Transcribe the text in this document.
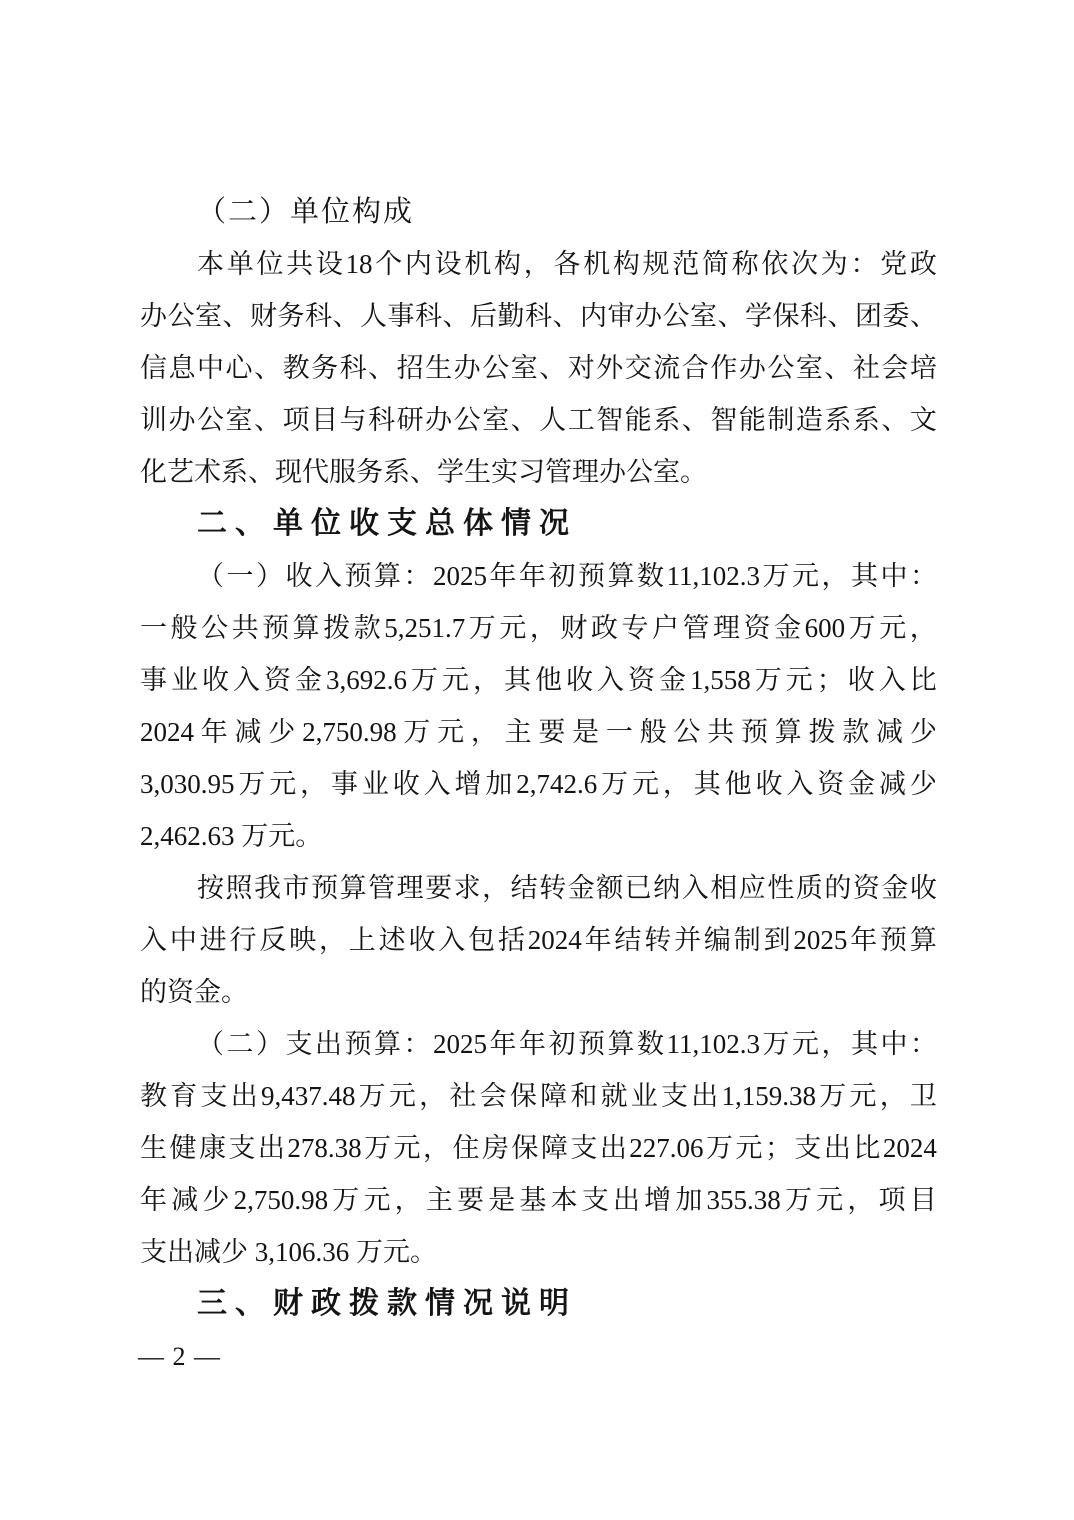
（二）单位构成
本 单 位 共 设 18 个 内 设 机 构 ， 各 机 构 规 范 简 称 依 次 为 ： 党 政
办 公 室 、 财 务 科 、 人 事 科 、 后 勤 科 、 内 审 办 公 室 、 学 保 科 、 团 委 、
信 息 中 心 、 教 务 科 、 招 生 办 公 室 、 对 外 交 流 合 作 办 公 室 、 社 会 培
训 办 公 室 、 项 目 与 科 研 办 公 室 、 人 工 智 能 系 、 智 能 制 造 系 系 、 文
化艺术系、现代服务系、学生实习管理办公室。
二、单位收支总体情况
（ 一 ） 收 入 预 算 ： 2025 年 年 初 预 算 数 11,102.3 万 元 ， 其 中 ：
一 般 公 共 预 算 拨 款 5,251.7 万 元 ， 财 政 专 户 管 理 资 金 600 万 元 ，
事 业 收 入 资 金 3,692.6 万 元 ， 其 他 收 入 资 金 1,558 万 元 ； 收 入 比
2024 年 减 少 2,750.98 万 元 ， 主 要 是 一 般 公 共 预 算 拨 款 减 少
3,030.95 万 元 ， 事 业 收 入 增 加 2,742.6 万 元 ， 其 他 收 入 资 金 减 少
2,462.63 万元。
按 照 我 市 预 算 管 理 要 求 ， 结 转 金 额 已 纳 入 相 应 性 质 的 资 金 收
入 中 进 行 反 映 ， 上 述 收 入 包 括 2024 年 结 转 并 编 制 到 2025 年 预 算
的资金。
（ 二 ） 支 出 预 算 ： 2025 年 年 初 预 算 数 11,102.3 万 元 ， 其 中 ：
教 育 支 出 9,437.48 万 元 ， 社 会 保 障 和 就 业 支 出 1,159.38 万 元 ， 卫
生 健 康 支 出 278.38 万 元 ， 住 房 保 障 支 出 227.06 万 元 ； 支 出 比 2024
年 减 少 2,750.98 万 元 ， 主 要 是 基 本 支 出 增 加 355.38 万 元 ， 项 目
支出减少 3,106.36 万元。
三、财政拨款情况说明
— 2 —
